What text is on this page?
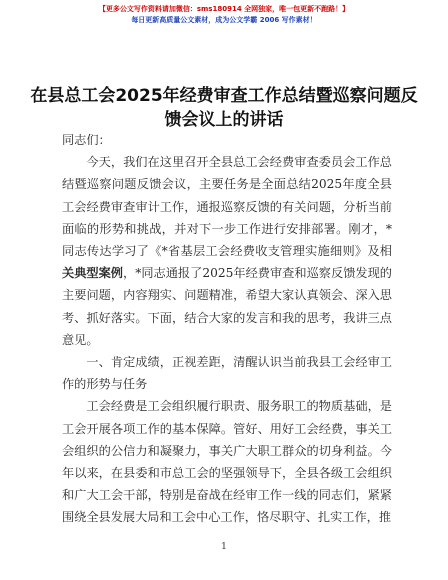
【更多公文写作资料请加微信：sms180914 全网独家，唯一包更新不跑路！】
每日更新高质量公文素材，成为公文学霸 2006 写作素材！
在县总工会2025年经费审查工作总结暨巡察问题反馈会议上的讲话

同志们：

今天，我们在这里召开全县总工会经费审查委员会工作总结暨巡察问题反馈会议，主要任务是全面总结2025年度全县工会经费审查审计工作，通报巡察反馈的有关问题，分析当前面临的形势和挑战，并对下一步工作进行安排部署。刚才，*同志传达学习了《*省基层工会经费收支管理实施细则》及相关典型案例，*同志通报了2025年经费审查和巡察反馈发现的主要问题，内容翔实、问题精准，希望大家认真领会、深入思考、抓好落实。下面，结合大家的发言和我的思考，我讲三点意见。

一、肯定成绩，正视差距，清醒认识当前我县工会经审工作的形势与任务

工会经费是工会组织履行职责、服务职工的物质基础，是工会开展各项工作的基本保障。管好、用好工会经费，事关工会组织的公信力和凝聚力，事关广大职工群众的切身利益。今年以来，在县委和市总工会的坚强领导下，全县各级工会组织和广大工会干部，特别是奋战在经审工作一线的同志们，紧紧围绕全县发展大局和工会中心工作，恪尽职守、扎实工作，推

1
